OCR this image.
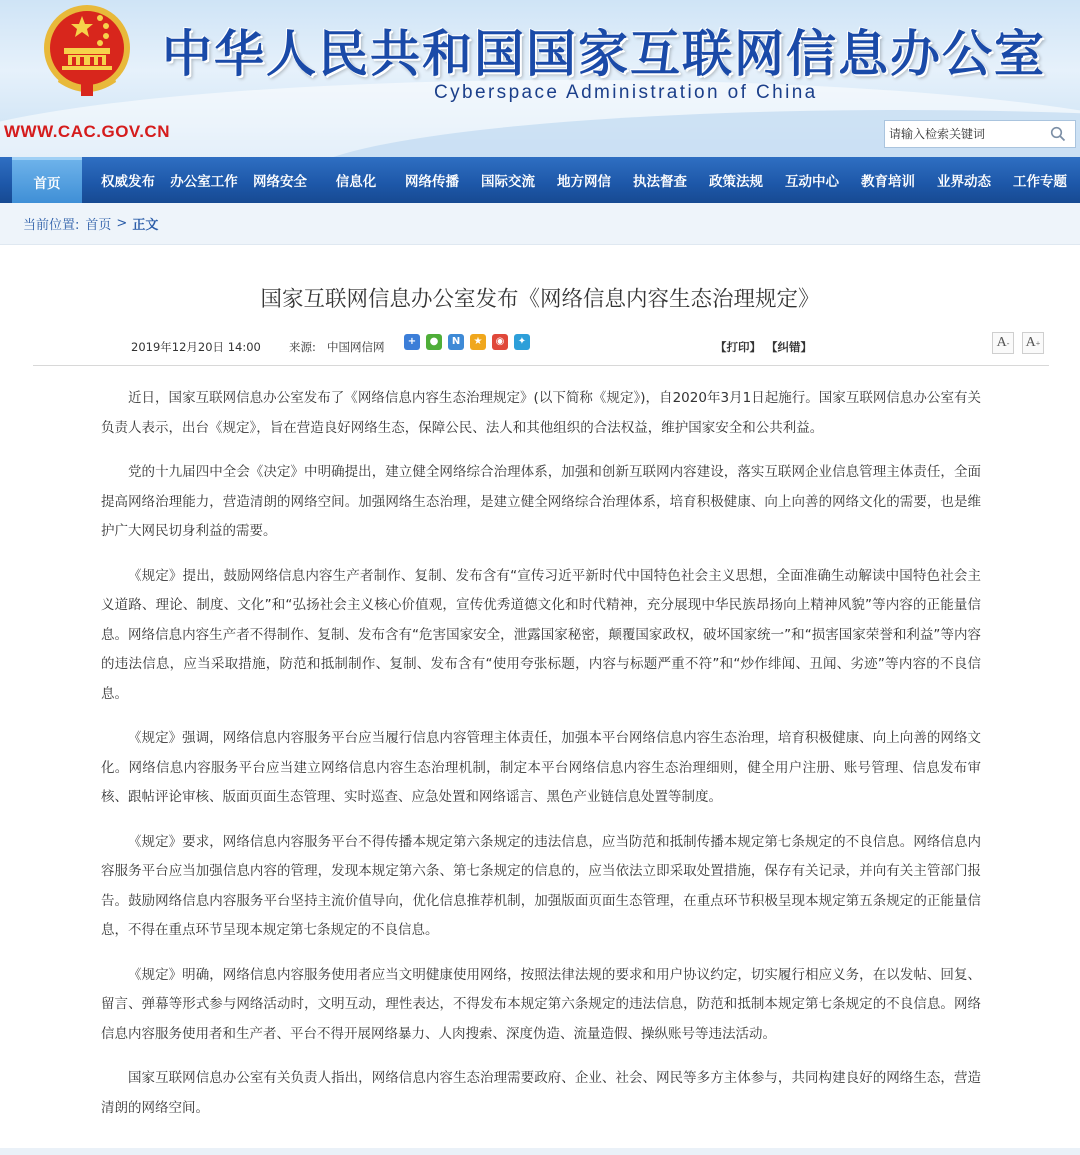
中华人民共和国国家互联网信息办公室
Cyberspace Administration of China
WWW.CAC.GOV.CN
请输入检索关键词
首页	权威发布	办公室工作	网络安全	信息化	网络传播	国际交流	地方网信	执法督查	政策法规	互动中心	教育培训	业界动态	工作专题
当前位置: 首页 > 正文
国家互联网信息办公室发布《网络信息内容生态治理规定》
2019年12月20日 14:00 来源: 中国网信网	+	●	N	★	◉	✦	【打印】 【纠错】	A - A +

近日，国家互联网信息办公室发布了《网络信息内容生态治理规定》(以下简称《规定》)，自2020年3月1日起施行。国家互联网信息办公室有关负责人表示，出台《规定》，旨在营造良好网络生态，保障公民、法人和其他组织的合法权益，维护国家安全和公共利益。

党的十九届四中全会《决定》中明确提出，建立健全网络综合治理体系，加强和创新互联网内容建设，落实互联网企业信息管理主体责任，全面提高网络治理能力，营造清朗的网络空间。加强网络生态治理，是建立健全网络综合治理体系，培育积极健康、向上向善的网络文化的需要，也是维护广大网民切身利益的需要。

《规定》提出，鼓励网络信息内容生产者制作、复制、发布含有“宣传习近平新时代中国特色社会主义思想，全面准确生动解读中国特色社会主义道路、理论、制度、文化”和“弘扬社会主义核心价值观，宣传优秀道德文化和时代精神，充分展现中华民族昂扬向上精神风貌”等内容的正能量信息。网络信息内容生产者不得制作、复制、发布含有“危害国家安全，泄露国家秘密，颠覆国家政权，破坏国家统一”和“损害国家荣誉和利益”等内容的违法信息，应当采取措施，防范和抵制制作、复制、发布含有“使用夸张标题，内容与标题严重不符”和“炒作绯闻、丑闻、劣迹”等内容的不良信息。

《规定》强调，网络信息内容服务平台应当履行信息内容管理主体责任，加强本平台网络信息内容生态治理，培育积极健康、向上向善的网络文化。网络信息内容服务平台应当建立网络信息内容生态治理机制，制定本平台网络信息内容生态治理细则，健全用户注册、账号管理、信息发布审核、跟帖评论审核、版面页面生态管理、实时巡查、应急处置和网络谣言、黑色产业链信息处置等制度。

《规定》要求，网络信息内容服务平台不得传播本规定第六条规定的违法信息，应当防范和抵制传播本规定第七条规定的不良信息。网络信息内容服务平台应当加强信息内容的管理，发现本规定第六条、第七条规定的信息的，应当依法立即采取处置措施，保存有关记录，并向有关主管部门报告。鼓励网络信息内容服务平台坚持主流价值导向，优化信息推荐机制，加强版面页面生态管理，在重点环节积极呈现本规定第五条规定的正能量信息，不得在重点环节呈现本规定第七条规定的不良信息。

《规定》明确，网络信息内容服务使用者应当文明健康使用网络，按照法律法规的要求和用户协议约定，切实履行相应义务，在以发帖、回复、留言、弹幕等形式参与网络活动时，文明互动，理性表达，不得发布本规定第六条规定的违法信息，防范和抵制本规定第七条规定的不良信息。网络信息内容服务使用者和生产者、平台不得开展网络暴力、人肉搜索、深度伪造、流量造假、操纵账号等违法活动。

国家互联网信息办公室有关负责人指出，网络信息内容生态治理需要政府、企业、社会、网民等多方主体参与，共同构建良好的网络生态，营造清朗的网络空间。
